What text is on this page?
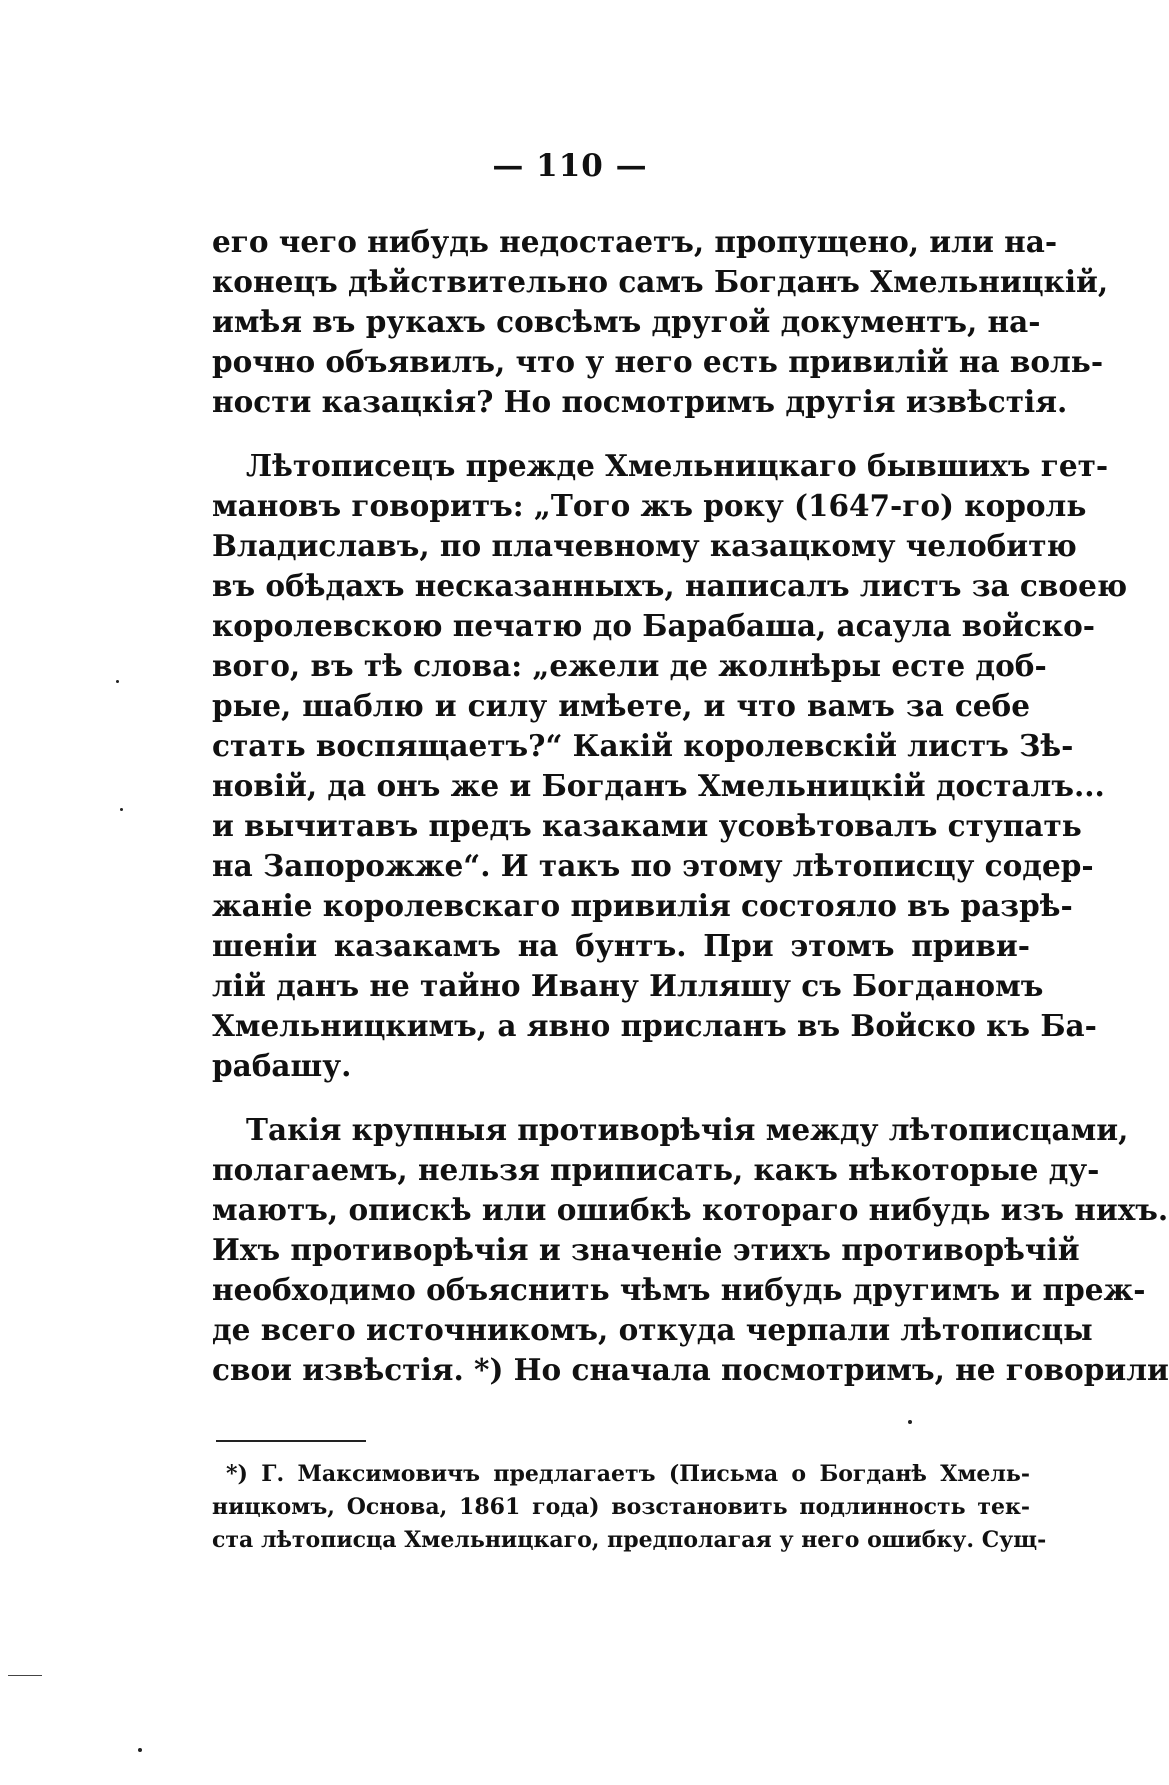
— 110 —
его чего нибудь недостаетъ, пропущено, или на-
конецъ дѣйствительно самъ Богданъ Хмельницкій,
имѣя въ рукахъ совсѣмъ другой документъ, на-
рочно объявилъ, что у него есть привилій на воль-
ности казацкія? Но посмотримъ другія извѣстія.
Лѣтописецъ прежде Хмельницкаго бывшихъ гет-
мановъ говоритъ: „Того жъ року (1647-го) король
Владиславъ, по плачевному казацкому челобитю
въ обѣдахъ несказанныхъ, написалъ листъ за своею
королевскою печатю до Барабаша, асаула войско-
вого, въ тѣ слова: „ежели де жолнѣры есте доб-
рые, шаблю и силу имѣете, и что вамъ за себе
стать воспящаетъ?“ Какій королевскій листъ Зѣ-
новій, да онъ же и Богданъ Хмельницкій досталъ...
и вычитавъ предъ казаками усовѣтовалъ ступать
на Запорожже“. И такъ по этому лѣтописцу содер-
жаніе королевскаго привилія состояло въ разрѣ-
шеніи казакамъ на бунтъ. При этомъ приви-
лій данъ не тайно Ивану Илляшу съ Богданомъ
Хмельницкимъ, а явно присланъ въ Войско къ Ба-
рабашу.
Такія крупныя противорѣчія между лѣтописцами,
полагаемъ, нельзя приписать, какъ нѣкоторые ду-
маютъ, опискѣ или ошибкѣ котораго нибудь изъ нихъ.
Ихъ противорѣчія и значеніе этихъ противорѣчій
необходимо объяснить чѣмъ нибудь другимъ и преж-
де всего источникомъ, откуда черпали лѣтописцы
свои извѣстія. *) Но сначала посмотримъ, не говорили
*) Г. Максимовичъ предлагаетъ (Письма о Богданѣ Хмель-
ницкомъ, Основа, 1861 года) возстановить подлинность тек-
ста лѣтописца Хмельницкаго, предполагая у него ошибку. Сущ-
